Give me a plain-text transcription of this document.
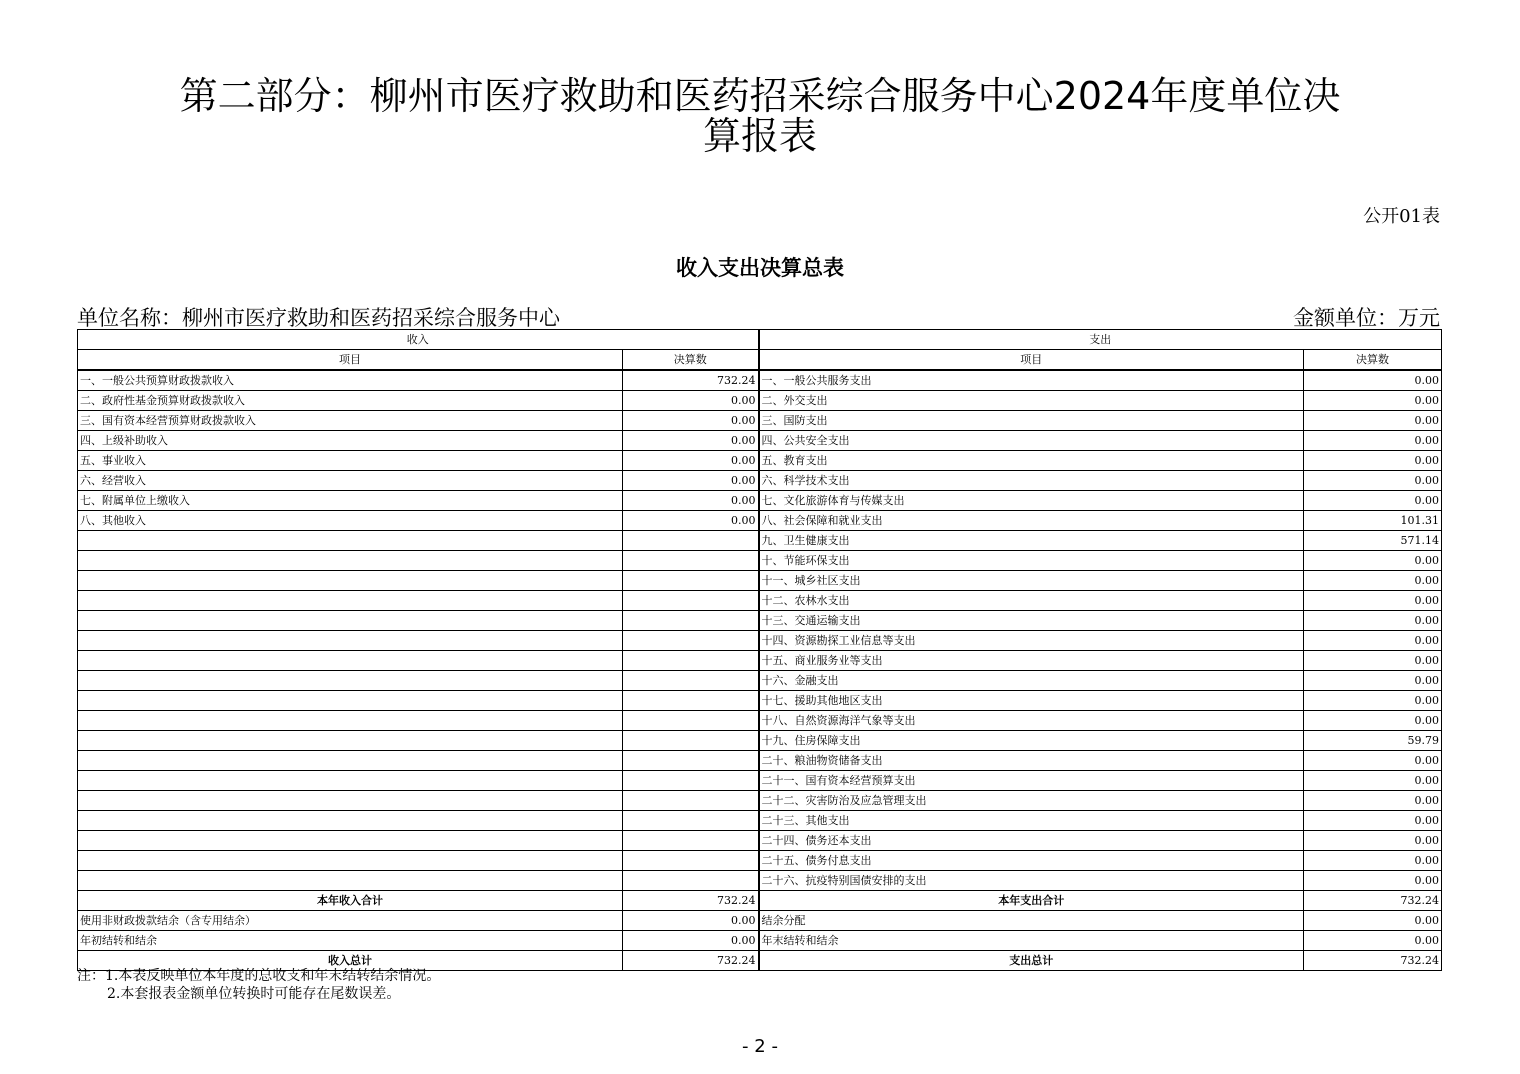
第二部分：柳州市医疗救助和医药招采综合服务中心2024年度单位决
算报表
公开01表
收入支出决算总表
单位名称：柳州市医疗救助和医药招采综合服务中心	金额单位：万元
收入		支出	
项目	决算数	项目	决算数
一、一般公共预算财政拨款收入	732.24	一、一般公共服务支出	0.00
二、政府性基金预算财政拨款收入	0.00	二、外交支出	0.00
三、国有资本经营预算财政拨款收入	0.00	三、国防支出	0.00
四、上级补助收入	0.00	四、公共安全支出	0.00
五、事业收入	0.00	五、教育支出	0.00
六、经营收入	0.00	六、科学技术支出	0.00
七、附属单位上缴收入	0.00	七、文化旅游体育与传媒支出	0.00
八、其他收入	0.00	八、社会保障和就业支出	101.31
		九、卫生健康支出	571.14
		十、节能环保支出	0.00
		十一、城乡社区支出	0.00
		十二、农林水支出	0.00
		十三、交通运输支出	0.00
		十四、资源勘探工业信息等支出	0.00
		十五、商业服务业等支出	0.00
		十六、金融支出	0.00
		十七、援助其他地区支出	0.00
		十八、自然资源海洋气象等支出	0.00
		十九、住房保障支出	59.79
		二十、粮油物资储备支出	0.00
		二十一、国有资本经营预算支出	0.00
		二十二、灾害防治及应急管理支出	0.00
		二十三、其他支出	0.00
		二十四、债务还本支出	0.00
		二十五、债务付息支出	0.00
		二十六、抗疫特别国债安排的支出	0.00
本年收入合计	732.24	本年支出合计	732.24
使用非财政拨款结余（含专用结余）	0.00	结余分配	0.00
年初结转和结余	0.00	年末结转和结余	0.00
收入总计	732.24	支出总计	732.24
注：1.本表反映单位本年度的总收支和年末结转结余情况。
2.本套报表金额单位转换时可能存在尾数误差。
- 2 -
